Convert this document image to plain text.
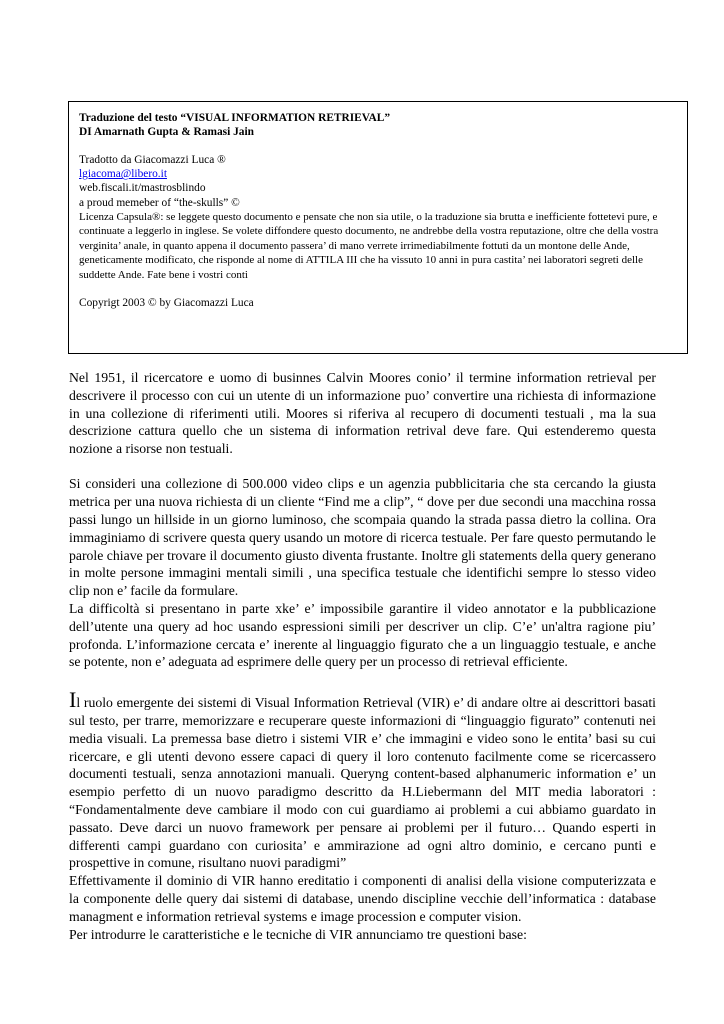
Traduzione del testo “VISUAL INFORMATION RETRIEVAL”

DI Amarnath Gupta & Ramasi Jain

Tradotto da Giacomazzi Luca ®

lgiacoma@libero.it

web.fiscali.it/mastrosblindo

a proud memeber of “the-skulls” ©

Licenza Capsula®: se leggete questo documento e pensate che non sia utile, o la traduzione sia brutta e inefficiente fottetevi pure, e continuate a leggerlo in inglese. Se volete diffondere questo documento, ne andrebbe della vostra reputazione, oltre che della vostra verginita’ anale, in quanto appena il documento passera’ di mano verrete irrimediabilmente fottuti da un montone delle Ande, geneticamente modificato, che risponde al nome di ATTILA III che ha vissuto 10 anni in pura castita’ nei laboratori segreti delle suddette Ande. Fate bene i vostri conti

Copyrigt 2003 © by Giacomazzi Luca

Nel 1951, il ricercatore e uomo di businnes Calvin Moores conio’ il termine information retrieval per descrivere il processo con cui un utente di un informazione puo’ convertire una richiesta di informazione in una collezione di riferimenti utili. Moores si riferiva al recupero di documenti testuali , ma la sua descrizione cattura quello che un sistema di information retrival deve fare. Qui estenderemo questa nozione a risorse non testuali.

Si consideri una collezione di 500.000 video clips e un agenzia pubblicitaria che sta cercando la giusta metrica per una nuova richiesta di un cliente “Find me a clip”, “ dove per due secondi una macchina rossa passi lungo un hillside in un giorno luminoso, che scompaia quando la strada passa dietro la collina. Ora immaginiamo di scrivere questa query usando un motore di ricerca testuale. Per fare questo permutando le parole chiave per trovare il documento giusto diventa frustante. Inoltre gli statements della query generano in molte persone immagini mentali simili , una specifica testuale che identifichi sempre lo stesso video clip non e’ facile da formulare.

La difficoltà si presentano in parte xke’ e’ impossibile garantire il video annotator e la pubblicazione dell’utente una query ad hoc usando espressioni simili per descriver un clip. C’e’ un'altra ragione piu’ profonda. L’informazione cercata e’ inerente al linguaggio figurato che a un linguaggio testuale, e anche se potente, non e’ adeguata ad esprimere delle query per un processo di retrieval efficiente.

Il ruolo emergente dei sistemi di Visual Information Retrieval (VIR) e’ di andare oltre ai descrittori basati sul testo, per trarre, memorizzare e recuperare queste informazioni di “linguaggio figurato” contenuti nei media visuali. La premessa base dietro i sistemi VIR e’ che immagini e video sono le entita’ basi su cui ricercare, e gli utenti devono essere capaci di query il loro contenuto facilmente come se ricercassero documenti testuali, senza annotazioni manuali. Queryng content-based alphanumeric information e’ un esempio perfetto di un nuovo paradigmo descritto da H.Liebermann del MIT media laboratori : “Fondamentalmente deve cambiare il modo con cui guardiamo ai problemi a cui abbiamo guardato in passato. Deve darci un nuovo framework per pensare ai problemi per il futuro… Quando esperti in differenti campi guardano con curiosita’ e ammirazione ad ogni altro dominio, e cercano punti e prospettive in comune, risultano nuovi paradigmi”

Effettivamente il dominio di VIR hanno ereditatio i componenti di analisi della visione computerizzata e la componente delle query dai sistemi di database, unendo discipline vecchie dell’informatica : database managment e information retrieval systems e image procession e computer vision.

Per introdurre le caratteristiche e le tecniche di VIR annunciamo tre questioni base:
